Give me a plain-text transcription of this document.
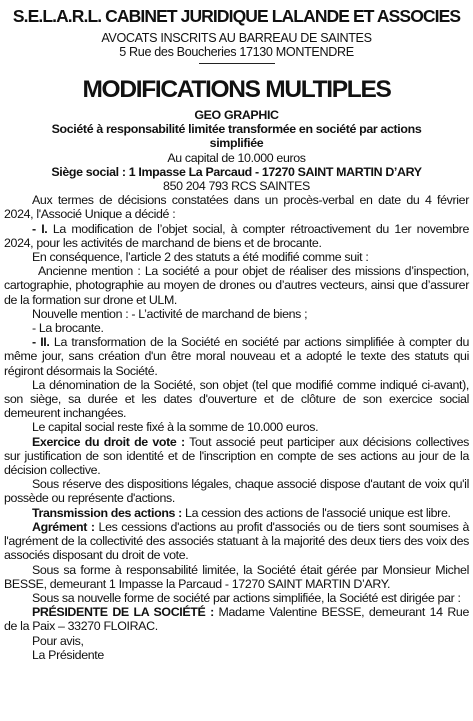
S.E.L.A.R.L. CABINET JURIDIQUE LALANDE ET ASSOCIES
AVOCATS INSCRITS AU BARREAU DE SAINTES
5 Rue des Boucheries 17130 MONTENDRE
MODIFICATIONS MULTIPLES
GEO GRAPHIC
Société à responsabilité limitée transformée en société par actions simplifiée
Au capital de 10.000 euros
Siège social : 1 Impasse La Parcaud - 17270 SAINT MARTIN D’ARY
850 204 793 RCS SAINTES

Aux termes de décisions constatées dans un procès-verbal en date du 4 février 2024, l'Associé Unique a décidé :

- I. La modification de l’objet social, à compter rétroactivement du 1er novembre 2024, pour les activités de marchand de biens et de brocante.

En conséquence, l’article 2 des statuts a été modifié comme suit :

Ancienne mention : La société a pour objet de réaliser des missions d’inspection, cartographie, photographie au moyen de drones ou d’autres vecteurs, ainsi que d’assurer de la formation sur drone et ULM.

Nouvelle mention : - L’activité de marchand de biens ;

- La brocante.

- II. La transformation de la Société en société par actions simplifiée à compter du même jour, sans création d'un être moral nouveau et a adopté le texte des statuts qui régiront désormais la Société.

La dénomination de la Société, son objet (tel que modifié comme indiqué ci-avant), son siège, sa durée et les dates d'ouverture et de clôture de son exercice social demeurent inchangées.

Le capital social reste fixé à la somme de 10.000 euros.

Exercice du droit de vote : Tout associé peut participer aux décisions collectives sur justification de son identité et de l'inscription en compte de ses actions au jour de la décision collective.

Sous réserve des dispositions légales, chaque associé dispose d'autant de voix qu'il possède ou représente d'actions.

Transmission des actions : La cession des actions de l'associé unique est libre.

Agrément : Les cessions d'actions au profit d'associés ou de tiers sont soumises à l'agrément de la collectivité des associés statuant à la majorité des deux tiers des voix des associés disposant du droit de vote.

Sous sa forme à responsabilité limitée, la Société était gérée par Monsieur Michel BESSE, demeurant 1 Impasse la Parcaud - 17270 SAINT MARTIN D’ARY.

Sous sa nouvelle forme de société par actions simplifiée, la Société est dirigée par :

PRÉSIDENTE DE LA SOCIÉTÉ : Madame Valentine BESSE, demeurant 14 Rue de la Paix – 33270 FLOIRAC.

Pour avis,

La Présidente
